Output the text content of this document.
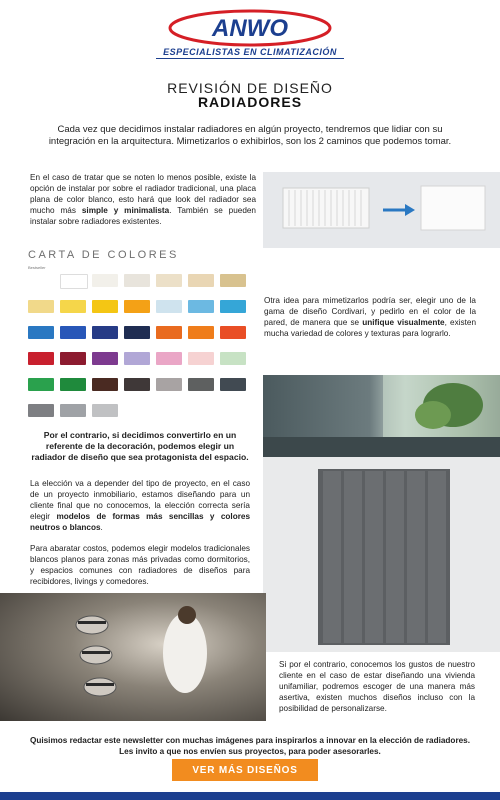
ANWO
ESPECIALISTAS EN CLIMATIZACIÓN
REVISIÓN DE DISEÑO
RADIADORES
Cada vez que decidimos instalar radiadores en algún proyecto, tendremos que lidiar con su integración en la arquitectura. Mimetizarlos o exhibirlos, son los 2 caminos que podemos tomar.
En el caso de tratar que se noten lo menos posible, existe la opción de instalar por sobre el radiador tradicional, una placa plana de color blanco, esto hará que look del radiador sea mucho más simple y minimalista. También se pueden instalar sobre radiadores existentes.
CARTA DE COLORES
Bestseller
Otra idea para mimetizarlos podría ser, elegir uno de la gama de diseño Cordivari, y pedirlo en el color de la pared, de manera que se unifique visualmente, existen mucha variedad de colores y texturas para lograrlo.
Por el contrario, si decidimos convertirlo en un referente de la decoración, podemos elegir un radiador de diseño que sea protagonista del espacio.
La elección va a depender del tipo de proyecto, en el caso de un proyecto inmobiliario, estamos diseñando para un cliente final que no conocemos, la elección correcta sería elegir modelos de formas más sencillas y colores neutros o blancos.
Para abaratar costos, podemos elegir modelos tradicionales blancos planos para zonas más privadas como dormitorios, y espacios comunes con radiadores de diseños para recibidores, livings y comedores.
Si por el contrario, conocemos los gustos de nuestro cliente en el caso de estar diseñando una vivienda unifamiliar, podremos escoger de una manera más asertiva, existen muchos diseños incluso con la posibilidad de personalizarse.
Quisimos redactar este newsletter con muchas imágenes para inspirarlos a innovar en la elección de radiadores. Les invito a que nos envíen sus proyectos, para poder asesorarles.
VER MÁS DISEÑOS
